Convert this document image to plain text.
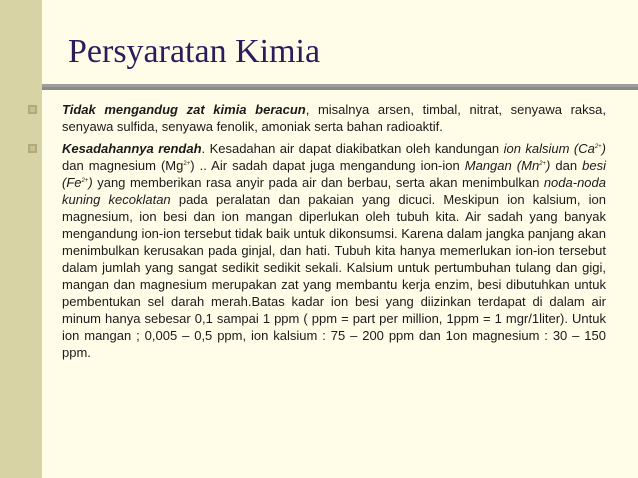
Persyaratan Kimia
Tidak mengandug zat kimia beracun, misalnya arsen, timbal, nitrat, senyawa raksa, senyawa sulfida, senyawa fenolik, amoniak serta bahan radioaktif.
Kesadahannya rendah. Kesadahan air dapat diakibatkan oleh kandungan ion kalsium $(Ca^{2+})$ dan magnesium $(Mg^{2+})$ .. Air sadah dapat juga mengandung ion-ion Mangan $(Mn^{2+})$ dan besi $(Fe^{2+})$ yang memberikan rasa anyir pada air dan berbau, serta akan menimbulkan noda-noda kuning kecoklatan pada peralatan dan pakaian yang dicuci. Meskipun ion kalsium, ion magnesium, ion besi dan ion mangan diperlukan oleh tubuh kita. Air sadah yang banyak mengandung ion-ion tersebut tidak baik untuk dikonsumsi. Karena dalam jangka panjang akan menimbulkan kerusakan pada ginjal, dan hati. Tubuh kita hanya memerlukan ion-ion tersebut dalam jumlah yang sangat sedikit sedikit sekali. Kalsium untuk pertumbuhan tulang dan gigi, mangan dan magnesium merupakan zat yang membantu kerja enzim, besi dibutuhkan untuk pembentukan sel darah merah.Batas kadar ion besi yang diizinkan terdapat di dalam air minum hanya sebesar 0,1 sampai 1 ppm ( ppm = part per million, 1ppm = 1 mgr/1liter). Untuk ion mangan ; 0,005 – 0,5 ppm, ion kalsium : 75 – 200 ppm dan 1on magnesium : 30 – 150 ppm.
